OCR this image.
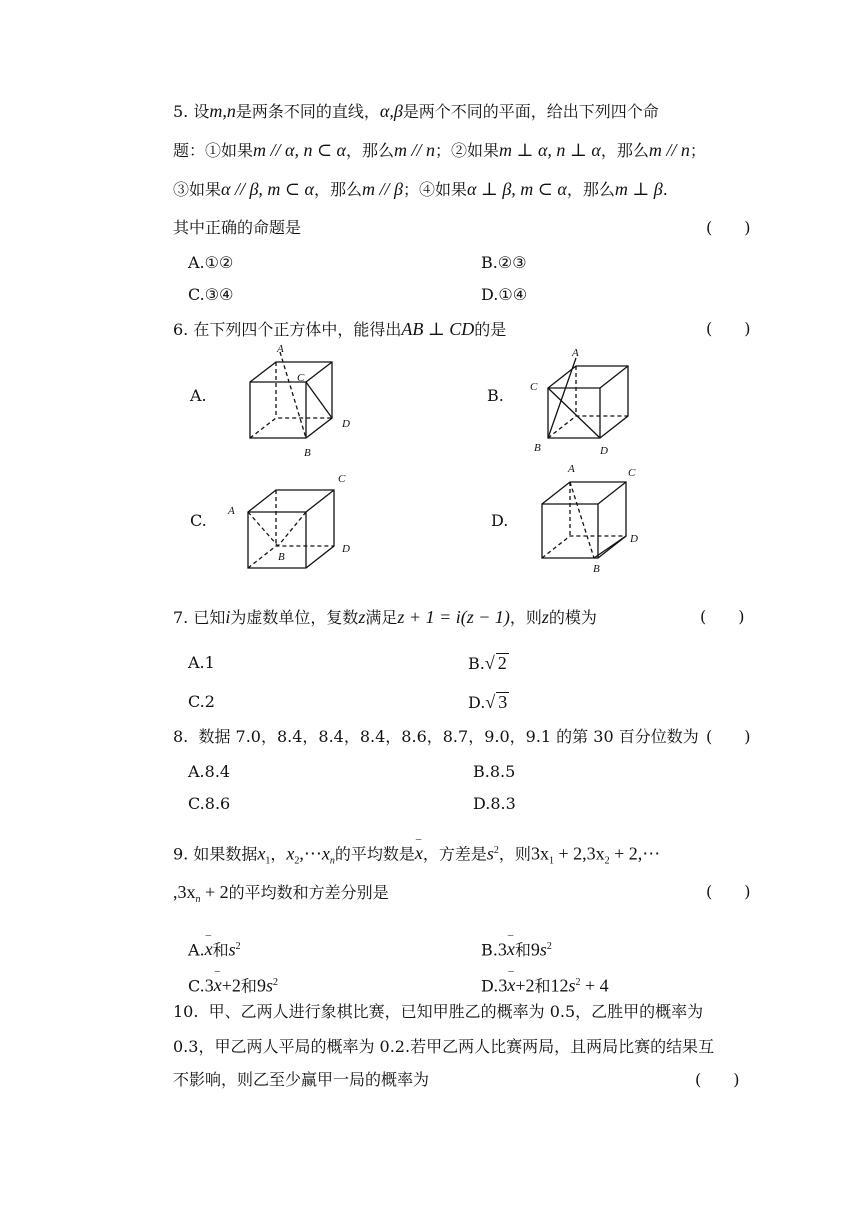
5. 设m,n是两条不同的直线，α,β是两个不同的平面，给出下列四个命
题：①如果m // α, n ⊂ α，那么m // n；②如果m ⊥ α, n ⊥ α，那么m // n；
③如果α // β, m ⊂ α，那么m // β；④如果α ⊥ β, m ⊂ α，那么m ⊥ β.
其中正确的命题是	(　　)
A.①②	B.②③
C.③④	D.①④
6. 在下列四个正方体中，能得出AB ⊥ CD的是	(　　)
A.	B.
C.	D.
A
C
D
B
A
C
B	D
A
C
B
D
A	C
D
B
7. 已知i为虚数单位，复数z满足z + 1 = i(z − 1)，则z的模为	(　　)
A.1	B.√ 2
C.2	D.√ 3
8.  数据 7.0，8.4，8.4，8.4，8.6，8.7，9.0，9.1 的第 30 百分位数为 (　　)
A.8.4	B.8.5
C.8.6	D.8.3
9. 如果数据$x_1$，$x_2,\cdots x_n$的平均数是– x，方差是$s^2$，则$3x_1 + 2,3x_2$ + 2,⋯
$,3x_n + 2$的平均数和方差分别是	(　　)
A.– x和$s^2$	B.3– x和$9s^2$
C.3– x+2和$9s^2$	D.3– x+2和$12s^2 + 4$
10.  甲、乙两人进行象棋比赛，已知甲胜乙的概率为 0.5，乙胜甲的概率为
0.3，甲乙两人平局的概率为 0.2.若甲乙两人比赛两局，且两局比赛的结果互
不影响，则乙至少赢甲一局的概率为	(　　)
